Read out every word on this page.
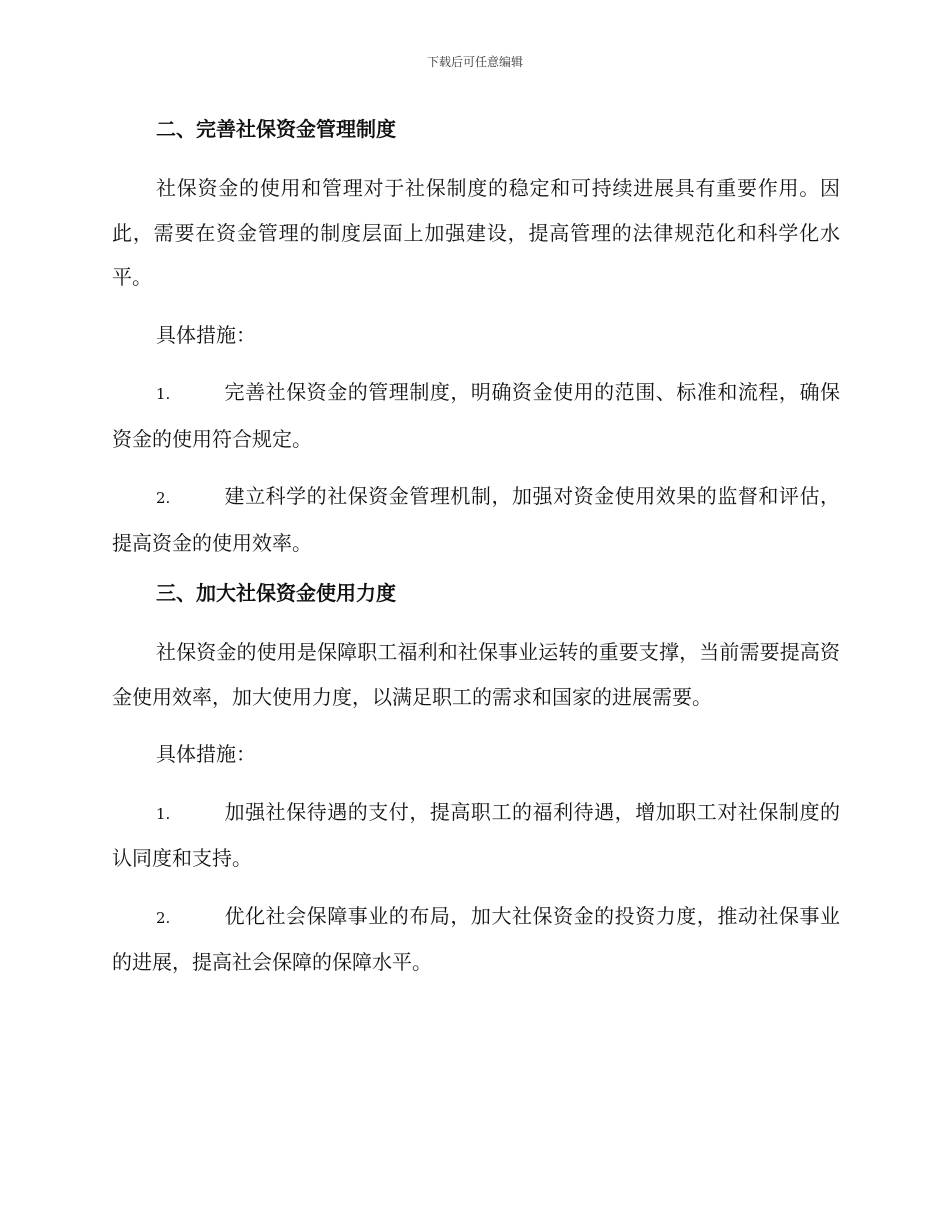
下载后可任意编辑
二、完善社保资金管理制度
社保资金的使用和管理对于社保制度的稳定和可持续进展具有重要作用。因此，需要在资金管理的制度层面上加强建设，提高管理的法律规范化和科学化水平。
具体措施：
1.	完善社保资金的管理制度，明确资金使用的范围、标准和流程，确保资金的使用符合规定。
2.	建立科学的社保资金管理机制，加强对资金使用效果的监督和评估，提高资金的使用效率。
三、加大社保资金使用力度
社保资金的使用是保障职工福利和社保事业运转的重要支撑，当前需要提高资金使用效率，加大使用力度，以满足职工的需求和国家的进展需要。
具体措施：
1.	加强社保待遇的支付，提高职工的福利待遇，增加职工对社保制度的认同度和支持。
2.	优化社会保障事业的布局，加大社保资金的投资力度，推动社保事业的进展，提高社会保障的保障水平。
